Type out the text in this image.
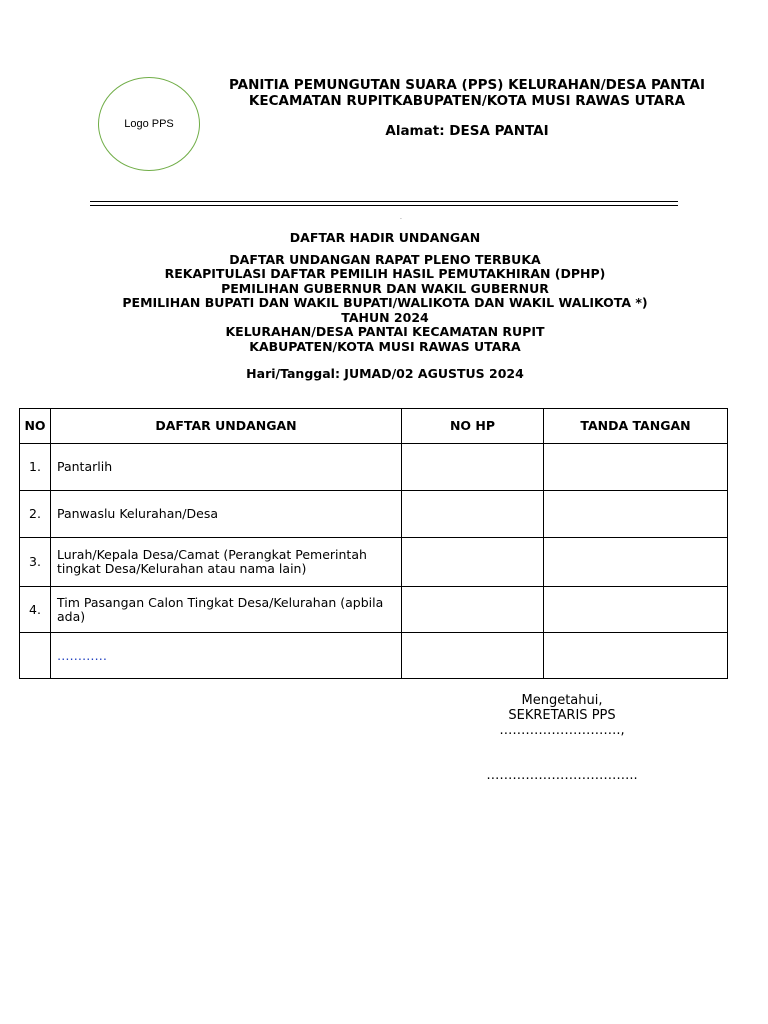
Logo PPS
PANITIA PEMUNGUTAN SUARA (PPS) KELURAHAN/DESA PANTAI
KECAMATAN RUPITKABUPATEN/KOTA MUSI RAWAS UTARA
Alamat: DESA PANTAI
.
DAFTAR HADIR UNDANGAN
DAFTAR UNDANGAN RAPAT PLENO TERBUKA
REKAPITULASI DAFTAR PEMILIH HASIL PEMUTAKHIRAN (DPHP)
PEMILIHAN GUBERNUR DAN WAKIL GUBERNUR
PEMILIHAN BUPATI DAN WAKIL BUPATI/WALIKOTA DAN WAKIL WALIKOTA *)
TAHUN 2024
KELURAHAN/DESA PANTAI KECAMATAN RUPIT
KABUPATEN/KOTA MUSI RAWAS UTARA
Hari/Tanggal: JUMAD/02 AGUSTUS 2024
NO	DAFTAR UNDANGAN	NO HP	TANDA TANGAN
1.	Pantarlih		
2.	Panwaslu Kelurahan/Desa		
3.	Lurah/Kepala Desa/Camat (Perangkat Pemerintah tingkat Desa/Kelurahan atau nama lain)		
4.	Tim Pasangan Calon Tingkat Desa/Kelurahan (apbila ada)		
	…………		
Mengetahui,
SEKRETARIS PPS
……………………….,
……………………………..
